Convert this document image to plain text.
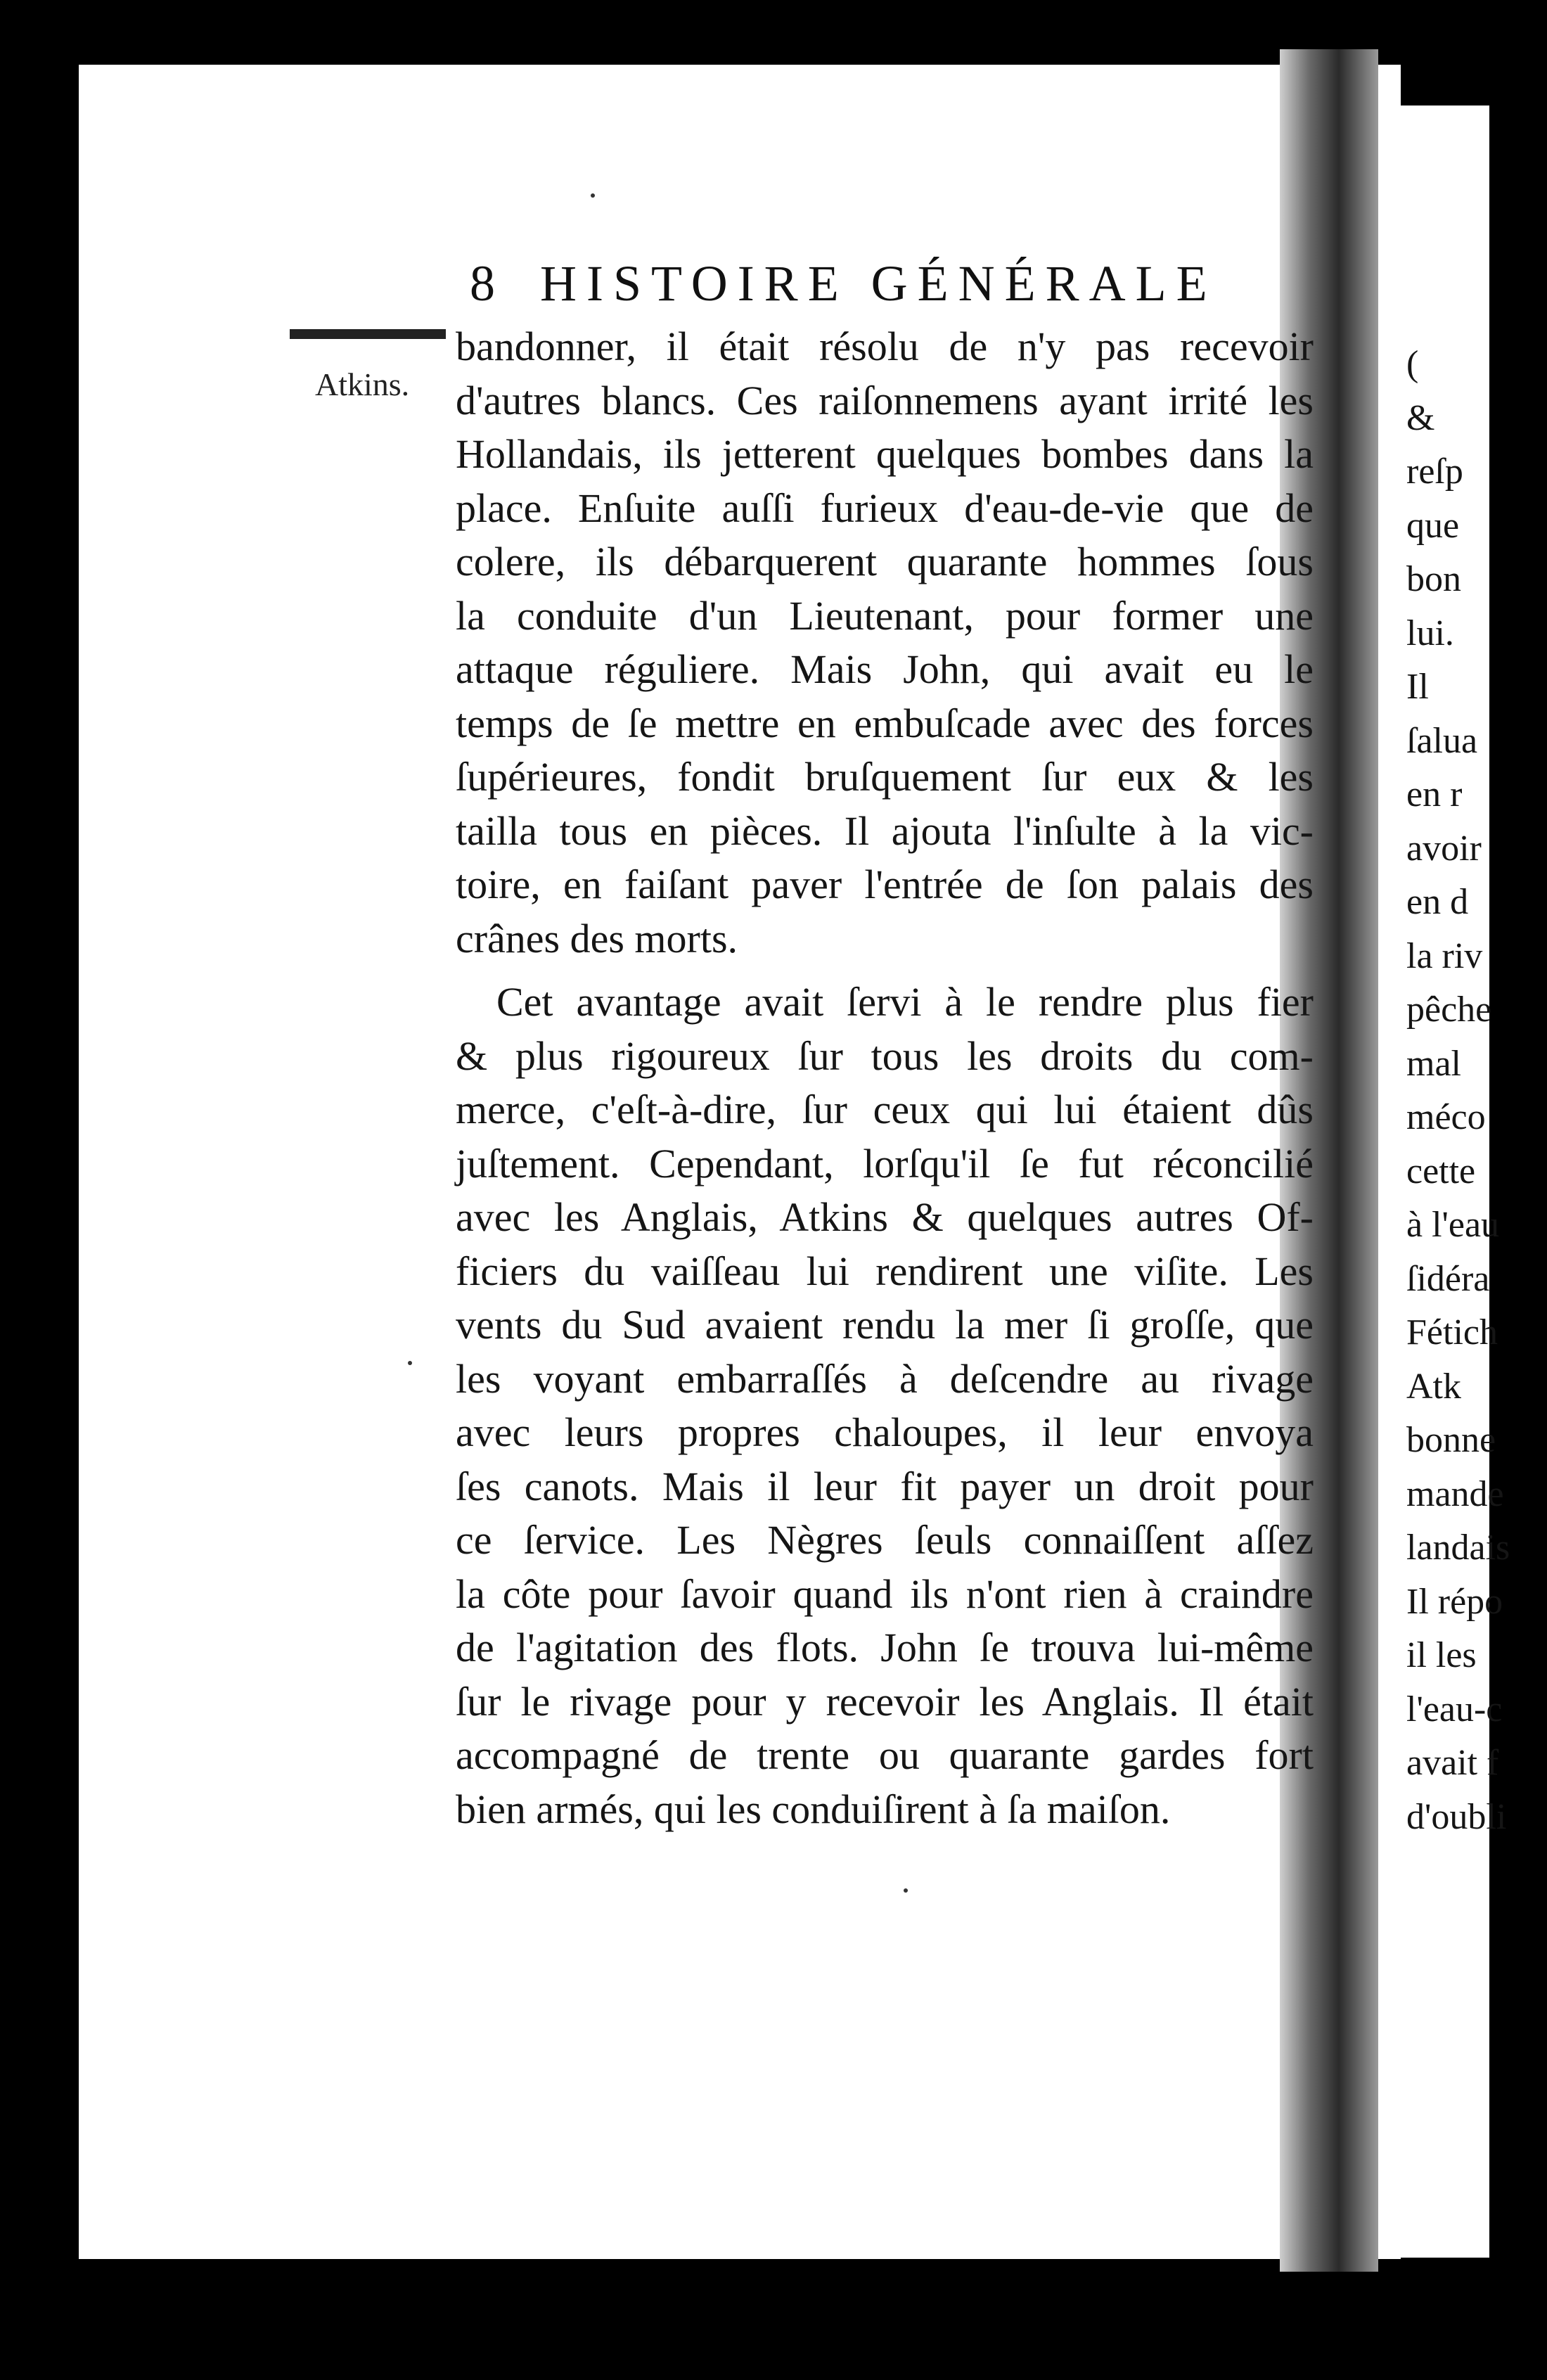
8 HISTOIRE GÉNÉRALE
Atkins.
bandonner, il était résolu de n'y pas recevoir
d'autres blancs. Ces raiſonnemens ayant irrité les
Hollandais, ils jetterent quelques bombes dans la
place. Enſuite auſſi furieux d'eau-de-vie que de
colere, ils débarquerent quarante hommes ſous
la conduite d'un Lieutenant, pour former une
attaque réguliere. Mais John, qui avait eu le
temps de ſe mettre en embuſcade avec des forces
ſupérieures, fondit bruſquement ſur eux & les
tailla tous en pièces. Il ajouta l'inſulte à la vic-
toire, en faiſant paver l'entrée de ſon palais des
crânes des morts.
Cet avantage avait ſervi à le rendre plus fier
& plus rigoureux ſur tous les droits du com-
merce, c'eſt-à-dire, ſur ceux qui lui étaient dûs
juſtement. Cependant, lorſqu'il ſe fut réconcilié
avec les Anglais, Atkins & quelques autres Of-
ficiers du vaiſſeau lui rendirent une viſite. Les
vents du Sud avaient rendu la mer ſi groſſe, que
les voyant embarraſſés à deſcendre au rivage
avec leurs propres chaloupes, il leur envoya
ſes canots. Mais il leur fit payer un droit pour
ce ſervice. Les Nègres ſeuls connaiſſent aſſez
la côte pour ſavoir quand ils n'ont rien à craindre
de l'agitation des flots. John ſe trouva lui-même
ſur le rivage pour y recevoir les Anglais. Il était
accompagné de trente ou quarante gardes fort
bien armés, qui les conduiſirent à ſa maiſon.
(
&
reſp
que
bon
lui.
Il
ſalua
en r
avoir
en d
la riv
pêche
mal
méco
cette
à l'eau
ſidéra
Fétich
Atk
bonne
mande
landais
Il répo
il les
l'eau-c
avait f
d'oubli
